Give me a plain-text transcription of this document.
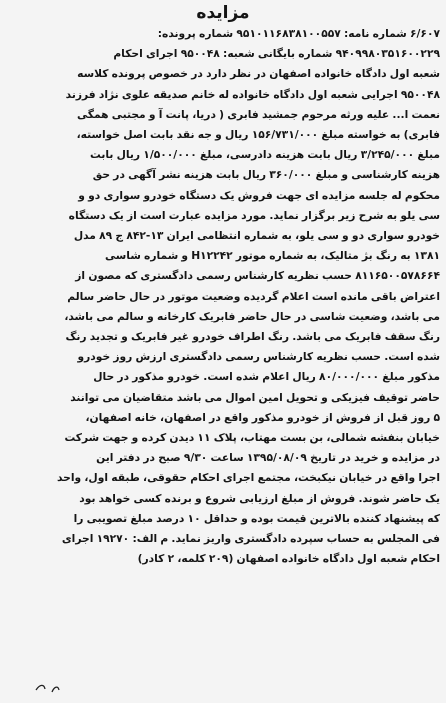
مزایده
۶/۶۰۷ شماره نامه: ۹۵۱۰۱۱۶۸۳۸۱۰۰۵۵۷ شماره پرونده:
۹۴۰۹۹۸۰۳۵۱۶۰۰۲۲۹ شماره بایگانی شعبه: ۹۵۰۰۴۸ اجرای احکام
شعبه اول دادگاه خانواده اصفهان در نظر دارد در خصوص پرونده کلاسه
۹۵۰۰۴۸ اجرایی شعبه اول دادگاه خانواده له خانم صدیقه علوی نژاد فرزند
نعمت ا... علیه ورثه مرحوم جمشید فابری ( دریا، پانت آ و مجتبی همگی
فابری) به خواسته مبلغ ۱۵۶/۷۳۱/۰۰۰ ریال و جه نقد بابت اصل خواسته،
مبلغ ۳/۲۴۵/۰۰۰ ریال بابت هزینه دادرسی، مبلغ ۱/۵۰۰/۰۰۰ ریال بابت
هزینه کارشناسی و مبلغ ۳۶۰/۰۰۰ ریال بابت هزینه نشر آگهی در حق
محکوم له جلسه مزایده ای جهت فروش یک دستگاه خودرو سواری دو و
سی یلو به شرح زیر برگزار نماید. مورد مزایده عبارت است از یک دستگاه
خودرو سواری دو و سی یلو، به شماره انتظامی ایران ۱۳-۸۴۲ ج ۸۹ مدل
۱۳۸۱ به رنگ بژ متالیک، به شماره موتور H۱۲۲۴۲ و شماره شاسی
۸۱۱۶۵۰۰۵۷۸۶۶۴ حسب نظریه کارشناس رسمی دادگستری که مصون از
اعتراض باقی مانده است اعلام گردیده وضعیت موتور در حال حاضر سالم
می باشد، وضعیت شاسی در حال حاضر فابریک کارخانه و سالم می باشد،
رنگ سقف فابریک می باشد. رنگ اطراف خودرو غیر فابریک و تجدید رنگ
شده است. حسب نظریه کارشناس رسمی دادگستری ارزش روز خودرو
مذکور مبلغ ۸۰/۰۰۰/۰۰۰ ریال اعلام شده است. خودرو مذکور در حال
حاضر توقیف فیزیکی و تحویل امین اموال می باشد متقاضیان می توانند
۵ روز قبل از فروش از خودرو مذکور واقع در اصفهان، خانه اصفهان،
خیابان بنفشه شمالی، بن بست مهتاب، پلاک ۱۱ دیدن کرده و جهت شرکت
در مزایده و خرید در تاریخ ۱۳۹۵/۰۸/۰۹ ساعت ۹/۳۰ صبح در دفتر این
اجرا واقع در خیابان نیکبخت، مجتمع اجرای احکام حقوقی، طبقه اول، واحد
یک حاضر شوند. فروش از مبلغ ارزیابی شروع و برنده کسی خواهد بود
که پیشنهاد کننده بالاترین قیمت بوده و حداقل ۱۰ درصد مبلغ تصویبی را
فی المجلس به حساب سپرده دادگستری واریز نماید. م الف: ۱۹۲۷۰ اجرای
احکام شعبه اول دادگاه خانواده اصفهان (۲۰۹ کلمه، ۲ کادر)
